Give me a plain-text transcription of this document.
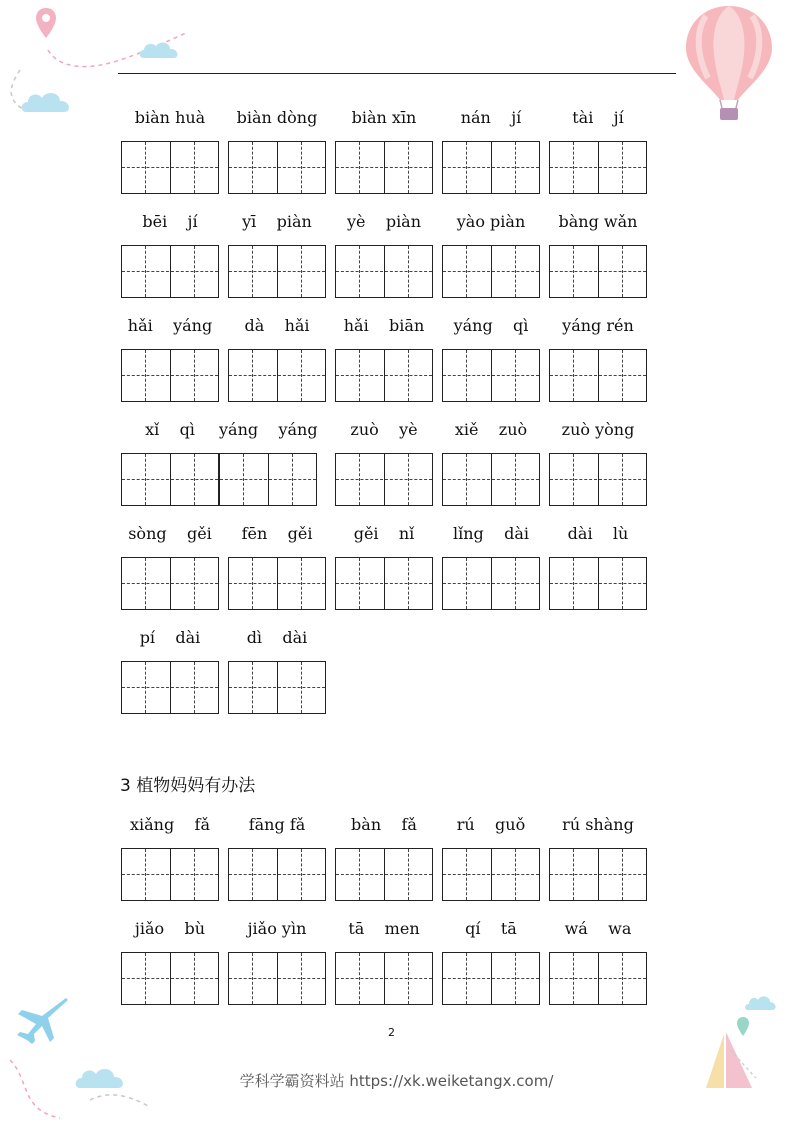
biàn huà	biàn dòng	biàn xīn	nán    jí	tài    jí
bēi    jí	yī    piàn	yè    piàn	yào piàn	bàng wǎn
hǎi    yáng	dà    hǎi	hǎi    biān	yáng    qì	yáng rén
xǐ    qì	yáng    yáng	zuò    yè	xiě    zuò	zuò yòng
sòng    gěi	fēn    gěi	gěi    nǐ	lǐng    dài	dài    lù
pí    dài	dì    dài
3 植物妈妈有办法
xiǎng    fǎ	fāng fǎ	bàn    fǎ	rú    guǒ	rú shàng
jiǎo    bù	jiǎo yìn	tā    men	qí    tā	wá    wa
2
学科学霸资料站 https://xk.weiketangx.com/
